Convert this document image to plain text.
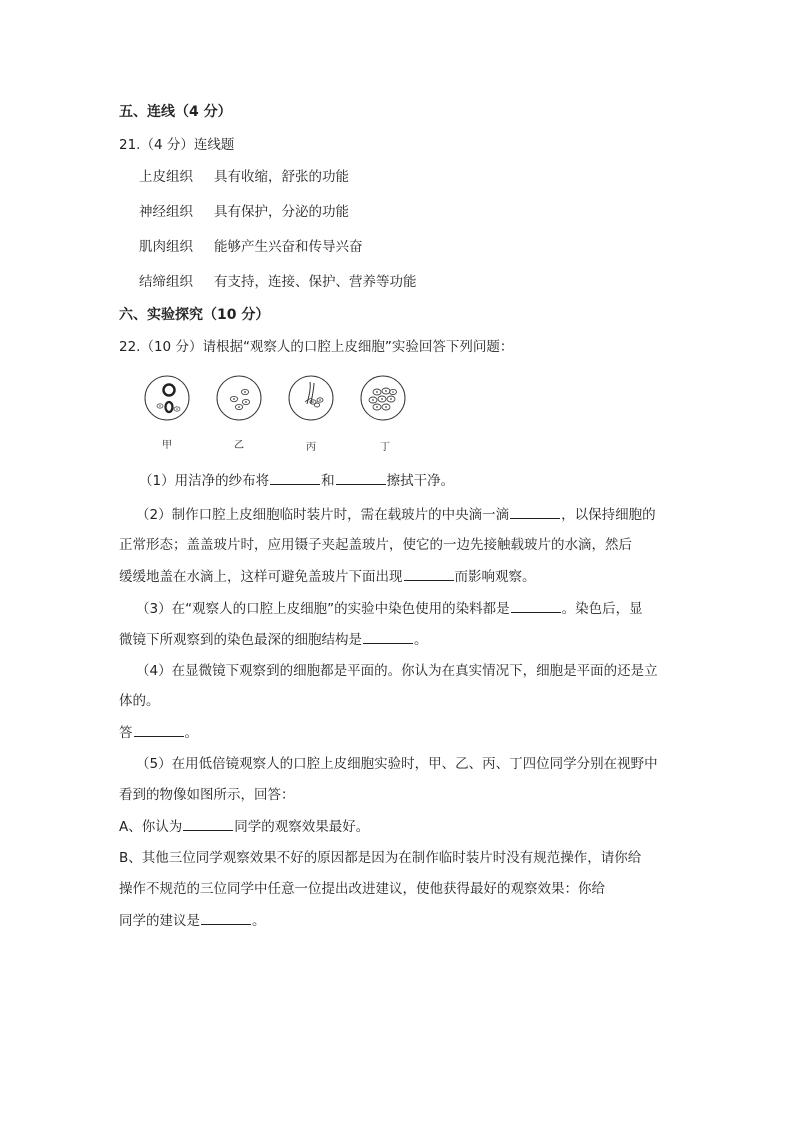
五、连线（4 分）
21.（4 分）连线题
上皮组织 具有收缩，舒张的功能
神经组织 具有保护，分泌的功能
肌肉组织 能够产生兴奋和传导兴奋
结缔组织 有支持，连接、保护、营养等功能
六、实验探究（10 分）
22.（10 分）请根据“观察人的口腔上皮细胞”实验回答下列问题：
甲	乙	丙	丁
（1）用洁净的纱布将	和	擦拭干净。
（2）制作口腔上皮细胞临时装片时，需在载玻片的中央滴一滴	，以保持细胞的
正常形态；盖盖玻片时，应用镊子夹起盖玻片，使它的一边先接触载玻片的水滴，然后
缓缓地盖在水滴上，这样可避免盖玻片下面出现	而影响观察。
（3）在“观察人的口腔上皮细胞”的实验中染色使用的染料都是	。染色后，显
微镜下所观察到的染色最深的细胞结构是	。
（4）在显微镜下观察到的细胞都是平面的。你认为在真实情况下，细胞是平面的还是立
体的。
答	。
（5）在用低倍镜观察人的口腔上皮细胞实验时，甲、乙、丙、丁四位同学分别在视野中
看到的物像如图所示，回答：
A、你认为	同学的观察效果最好。
B、其他三位同学观察效果不好的原因都是因为在制作临时装片时没有规范操作，请你给
操作不规范的三位同学中任意一位提出改进建议，使他获得最好的观察效果：你给
同学的建议是	。
